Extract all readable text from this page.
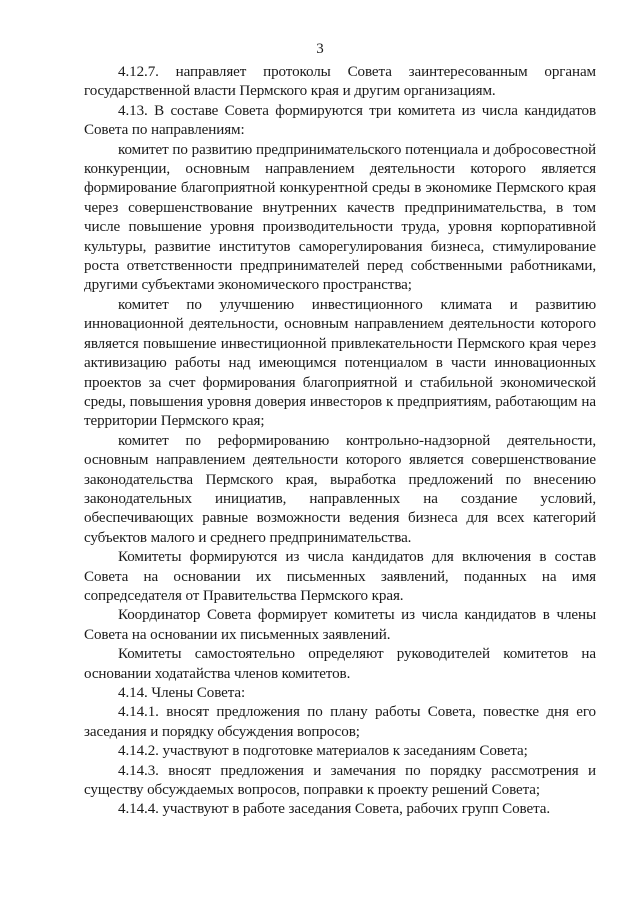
3

4.12.7. направляет протоколы Совета заинтересованным органам государственной власти Пермского края и другим организациям.

4.13. В составе Совета формируются три комитета из числа кандидатов Совета по направлениям:

комитет по развитию предпринимательского потенциала и добросовестной конкуренции, основным направлением деятельности которого является формирование благоприятной конкурентной среды в экономике Пермского края через совершенствование внутренних качеств предпринимательства, в том числе повышение уровня производительности труда, уровня корпоративной культуры, развитие институтов саморегулирования бизнеса, стимулирование роста ответственности предпринимателей перед собственными работниками, другими субъектами экономического пространства;

комитет по улучшению инвестиционного климата и развитию инновационной деятельности, основным направлением деятельности которого является повышение инвестиционной привлекательности Пермского края через активизацию работы над имеющимся потенциалом в части инновационных проектов за счет формирования благоприятной и стабильной экономической среды, повышения уровня доверия инвесторов к предприятиям, работающим на территории Пермского края;

комитет по реформированию контрольно-надзорной деятельности, основным направлением деятельности которого является совершенствование законодательства Пермского края, выработка предложений по внесению законодательных инициатив, направленных на создание условий, обеспечивающих равные возможности ведения бизнеса для всех категорий субъектов малого и среднего предпринимательства.

Комитеты формируются из числа кандидатов для включения в состав Совета на основании их письменных заявлений, поданных на имя сопредседателя от Правительства Пермского края.

Координатор Совета формирует комитеты из числа кандидатов в члены Совета на основании их письменных заявлений.

Комитеты самостоятельно определяют руководителей комитетов на основании ходатайства членов комитетов.

4.14. Члены Совета:

4.14.1. вносят предложения по плану работы Совета, повестке дня его заседания и порядку обсуждения вопросов;

4.14.2. участвуют в подготовке материалов к заседаниям Совета;

4.14.3. вносят предложения и замечания по порядку рассмотрения и существу обсуждаемых вопросов, поправки к проекту решений Совета;

4.14.4. участвуют в работе заседания Совета, рабочих групп Совета.
